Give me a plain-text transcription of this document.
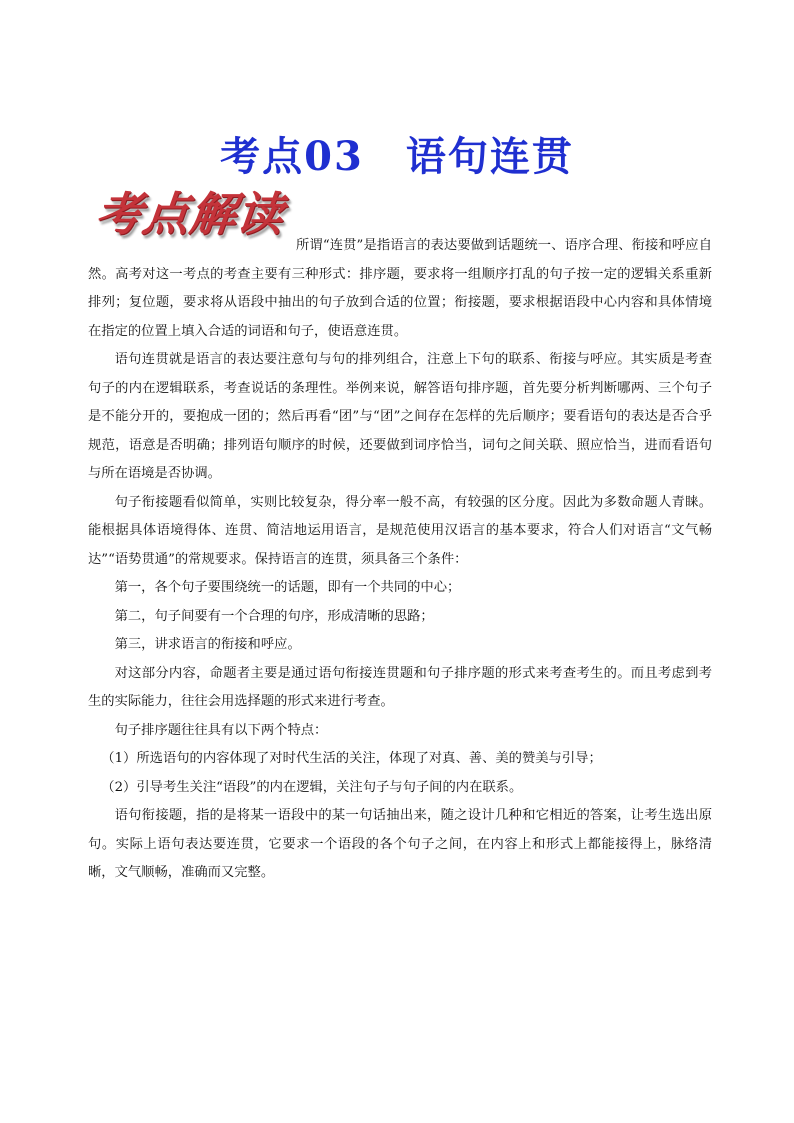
考点03 语句连贯
考点解读

所谓“连贯”是指语言的表达要做到话题统一、语序合理、衔接和呼应自然。高考对这一考点的考查主要有三种形式：排序题，要求将一组顺序打乱的句子按一定的逻辑关系重新排列；复位题，要求将从语段中抽出的句子放到合适的位置；衔接题，要求根据语段中心内容和具体情境在指定的位置上填入合适的词语和句子，使语意连贯。

语句连贯就是语言的表达要注意句与句的排列组合，注意上下句的联系、衔接与呼应。其实质是考查句子的内在逻辑联系，考查说话的条理性。举例来说，解答语句排序题，首先要分析判断哪两、三个句子是不能分开的，要抱成一团的；然后再看“团”与“团”之间存在怎样的先后顺序；要看语句的表达是否合乎规范，语意是否明确；排列语句顺序的时候，还要做到词序恰当，词句之间关联、照应恰当，进而看语句与所在语境是否协调。

句子衔接题看似简单，实则比较复杂，得分率一般不高，有较强的区分度。因此为多数命题人青睐。能根据具体语境得体、连贯、简洁地运用语言，是规范使用汉语言的基本要求，符合人们对语言“文气畅达”“语势贯通”的常规要求。保持语言的连贯，须具备三个条件：

第一，各个句子要围绕统一的话题，即有一个共同的中心；

第二，句子间要有一个合理的句序，形成清晰的思路；

第三，讲求语言的衔接和呼应。

对这部分内容，命题者主要是通过语句衔接连贯题和句子排序题的形式来考查考生的。而且考虑到考生的实际能力，往往会用选择题的形式来进行考查。

句子排序题往往具有以下两个特点：

（1）所选语句的内容体现了对时代生活的关注，体现了对真、善、美的赞美与引导；

（2）引导考生关注“语段”的内在逻辑，关注句子与句子间的内在联系。

语句衔接题，指的是将某一语段中的某一句话抽出来，随之设计几种和它相近的答案，让考生选出原句。实际上语句表达要连贯，它要求一个语段的各个句子之间，在内容上和形式上都能接得上，脉络清晰，文气顺畅，准确而又完整。
